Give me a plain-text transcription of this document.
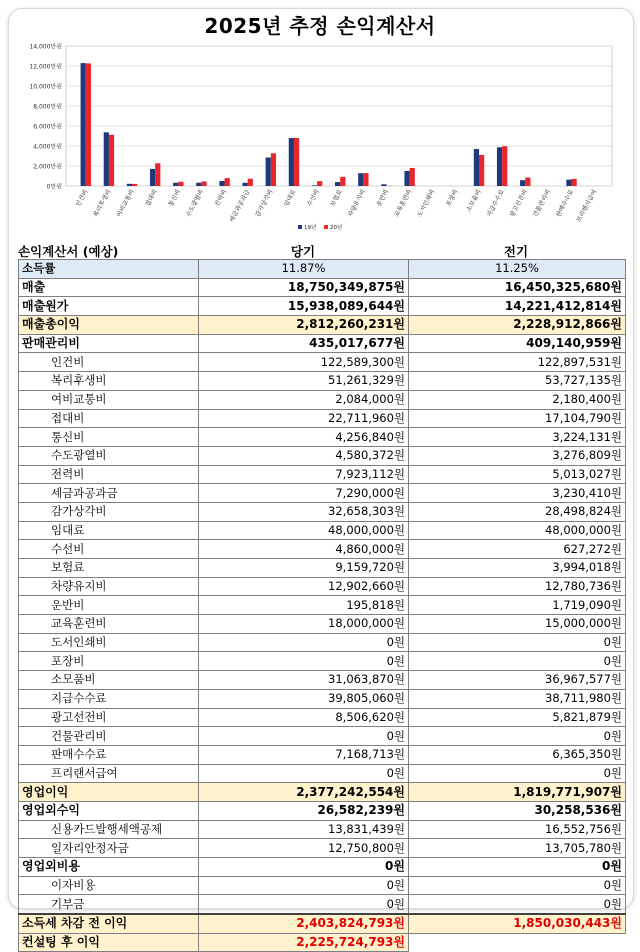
2025년 추정 손익계산서
0만원
2,000만원
4,000만원
6,000만원
8,000만원
10,000만원
12,000만원
14,000만원
인건비 복리후생비 여비교통비 접대비 통신비 수도광열비 전력비 세금과공과금 감가상각비 임대료 수선비 보험료 차량유지비 운반비 교육훈련비 도서인쇄비 포장비 소모품비 지급수수료 광고선전비 건물관리비 판매수수료 프리랜서급여
19년 20년
손익계산서 (예상)	당기	전기
소득률	11.87%	11.25%
매출	18,750,349,875원	16,450,325,680원
매출원가	15,938,089,644원	14,221,412,814원
매출총이익	2,812,260,231원	2,228,912,866원
판매관리비	435,017,677원	409,140,959원
인건비	122,589,300원	122,897,531원
복리후생비	51,261,329원	53,727,135원
여비교통비	2,084,000원	2,180,400원
접대비	22,711,960원	17,104,790원
통신비	4,256,840원	3,224,131원
수도광열비	4,580,372원	3,276,809원
전력비	7,923,112원	5,013,027원
세금과공과금	7,290,000원	3,230,410원
감가상각비	32,658,303원	28,498,824원
임대료	48,000,000원	48,000,000원
수선비	4,860,000원	627,272원
보험료	9,159,720원	3,994,018원
차량유지비	12,902,660원	12,780,736원
운반비	195,818원	1,719,090원
교육훈련비	18,000,000원	15,000,000원
도서인쇄비	0원	0원
포장비	0원	0원
소모품비	31,063,870원	36,967,577원
지급수수료	39,805,060원	38,711,980원
광고선전비	8,506,620원	5,821,879원
건물관리비	0원	0원
판매수수료	7,168,713원	6,365,350원
프리랜서급여	0원	0원
영업이익	2,377,242,554원	1,819,771,907원
영업외수익	26,582,239원	30,258,536원
신용카드발행세액공제	13,831,439원	16,552,756원
일자리안정자금	12,750,800원	13,705,780원
영업외비용	0원	0원
이자비용	0원	0원
기부금	0원	0원
소득세 차감 전 이익	2,403,824,793원	1,850,030,443원
컨설팅 후 이익	2,225,724,793원	
